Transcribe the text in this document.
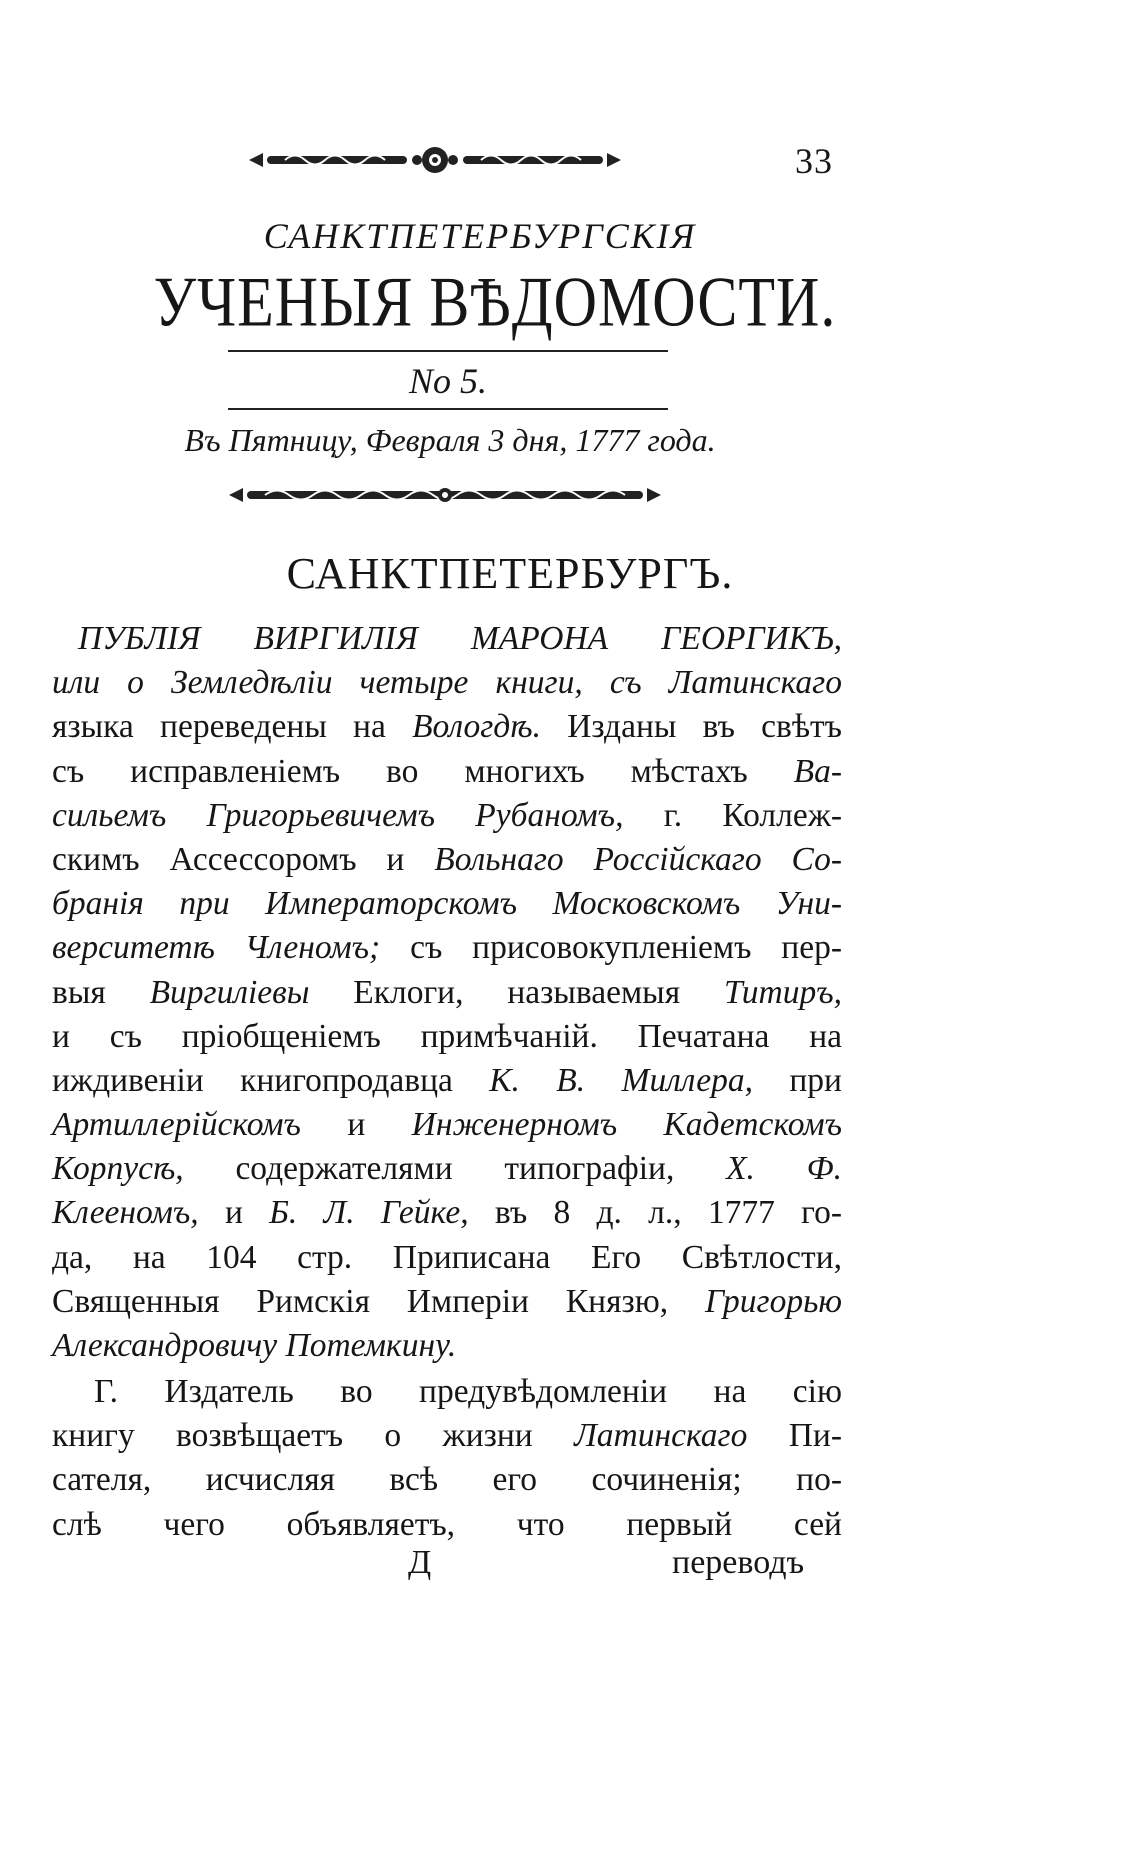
33
САНКТПЕТЕРБУРГСКІЯ
УЧЕНЫЯ ВѢДОМОСТИ.
No 5.
Въ Пятницу, Февраля 3 дня, 1777 года.
САНКТПЕТЕРБУРГЪ.
ПУБЛІЯ ВИРГИЛІЯ МАРОНА ГЕОРГИКЪ,
или о Земледѣліи четыре книги, съ Латинскаго
языка переведены на Вологдѣ. Изданы въ свѣтъ
съ исправленіемъ во многихъ мѣстахъ Ва-
сильемъ Григорьевичемъ Рубаномъ, г. Коллеж-
скимъ Ассессоромъ и Вольнаго Россійскаго Со-
бранія при Императорскомъ Московскомъ Уни-
верситетѣ Членомъ; съ присовокупленіемъ пер-
выя Виргиліевы Еклоги, называемыя Титиръ,
и съ пріобщеніемъ примѣчаній. Печатана на
иждивеніи книгопродавца К. В. Миллера, при
Артиллерійскомъ и Инженерномъ Кадетскомъ
Корпусѣ, содержателями типографіи, X. Ф.
Клееномъ, и Б. Л. Гейке, въ 8 д. л., 1777 го-
да, на 104 стр. Приписана Его Свѣтлости,
Священныя Римскія Имперіи Князю, Григорью
Александровичу Потемкину.
Г. Издатель во предувѣдомленіи на сію
книгу возвѣщаетъ о жизни Латинскаго Пи-
сателя, исчисляя всѣ его сочиненія; по-
слѣ чего объявляетъ, что первый сей
Д	переводъ
